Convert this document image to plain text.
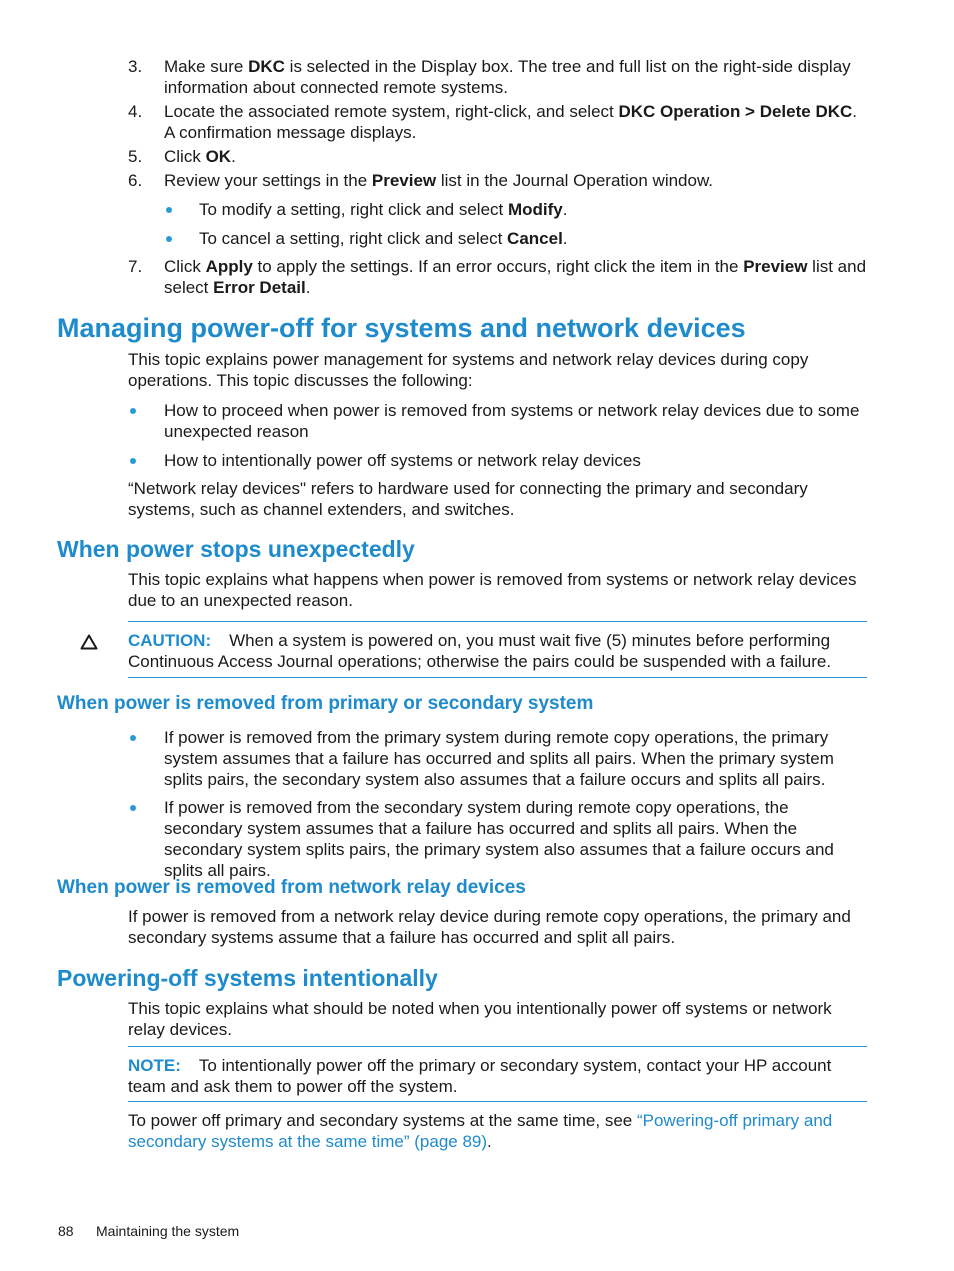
3.	Make sure DKC is selected in the Display box. The tree and full list on the right-side display information about connected remote systems.
4.	Locate the associated remote system, right-click, and select DKC Operation > Delete DKC. A confirmation message displays.
5.	Click OK.
6.	Review your settings in the Preview list in the Journal Operation window.
To modify a setting, right click and select Modify.
To cancel a setting, right click and select Cancel.
7.	Click Apply to apply the settings. If an error occurs, right click the item in the Preview list and select Error Detail.
Managing power-off for systems and network devices

This topic explains power management for systems and network relay devices during copy operations. This topic discusses the following:

How to proceed when power is removed from systems or network relay devices due to some unexpected reason
How to intentionally power off systems or network relay devices

“Network relay devices" refers to hardware used for connecting the primary and secondary systems, such as channel extenders, and switches.

When power stops unexpectedly

This topic explains what happens when power is removed from systems or network relay devices due to an unexpected reason.

CAUTION: When a system is powered on, you must wait five (5) minutes before performing Continuous Access Journal operations; otherwise the pairs could be suspended with a failure.
When power is removed from primary or secondary system
If power is removed from the primary system during remote copy operations, the primary system assumes that a failure has occurred and splits all pairs. When the primary system splits pairs, the secondary system also assumes that a failure occurs and splits all pairs.
If power is removed from the secondary system during remote copy operations, the secondary system assumes that a failure has occurred and splits all pairs. When the secondary system splits pairs, the primary system also assumes that a failure occurs and splits all pairs.
When power is removed from network relay devices

If power is removed from a network relay device during remote copy operations, the primary and secondary systems assume that a failure has occurred and split all pairs.

Powering-off systems intentionally

This topic explains what should be noted when you intentionally power off systems or network relay devices.

NOTE: To intentionally power off the primary or secondary system, contact your HP account team and ask them to power off the system.

To power off primary and secondary systems at the same time, see “Powering-off primary and secondary systems at the same time” (page 89).

88 Maintaining the system
